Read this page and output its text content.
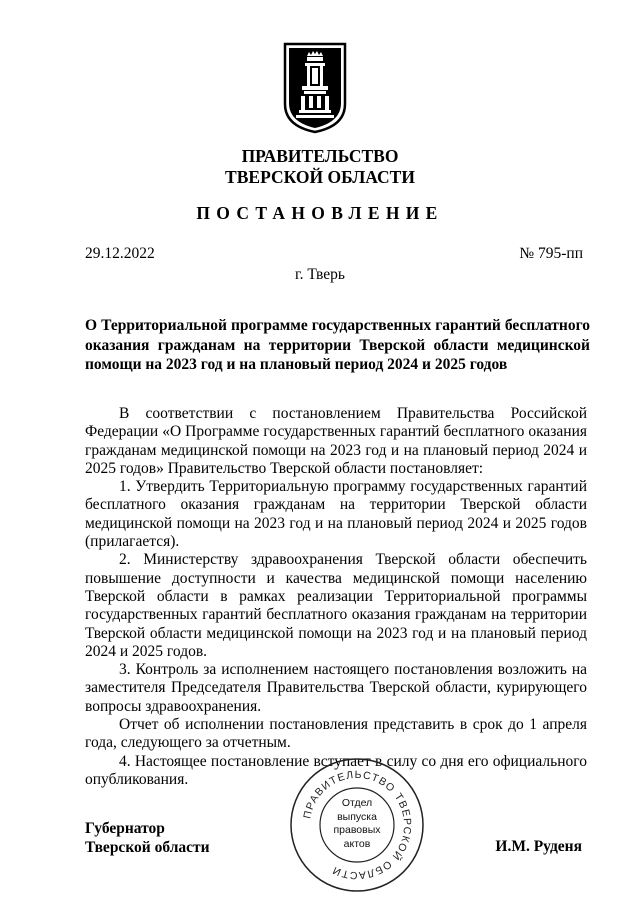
ПРАВИТЕЛЬСТВО
ТВЕРСКОЙ ОБЛАСТИ
ПОСТАНОВЛЕНИЕ
29.12.2022	№ 795-пп
г. Тверь
О Территориальной программе государственных гарантий бесплатного оказания гражданам на территории Тверской области медицинской помощи на 2023 год и на плановый период 2024 и 2025 годов

В соответствии с постановлением Правительства Российской Федерации «О Программе государственных гарантий бесплатного оказания гражданам медицинской помощи на 2023 год и на плановый период 2024 и 2025 годов» Правительство Тверской области постановляет:

1. Утвердить Территориальную программу государственных гарантий бесплатного оказания гражданам на территории Тверской области медицинской помощи на 2023 год и на плановый период 2024 и 2025 годов (прилагается).

2. Министерству здравоохранения Тверской области обеспечить повышение доступности и качества медицинской помощи населению Тверской области в рамках реализации Территориальной программы государственных гарантий бесплатного оказания гражданам на территории Тверской области медицинской помощи на 2023 год и на плановый период 2024 и 2025 годов.

3. Контроль за исполнением настоящего постановления возложить на заместителя Председателя Правительства Тверской области, курирующего вопросы здравоохранения.

Отчет об исполнении постановления представить в срок до 1 апреля года, следующего за отчетным.

4. Настоящее постановление вступает в силу со дня его официального опубликования.

ПРАВИТЕЛЬСТВО ТВЕРСКОЙ ОБЛАСТИ
Отдел
выпуска
правовых
актов
Губернатор
Тверской области	И.М. Руденя
